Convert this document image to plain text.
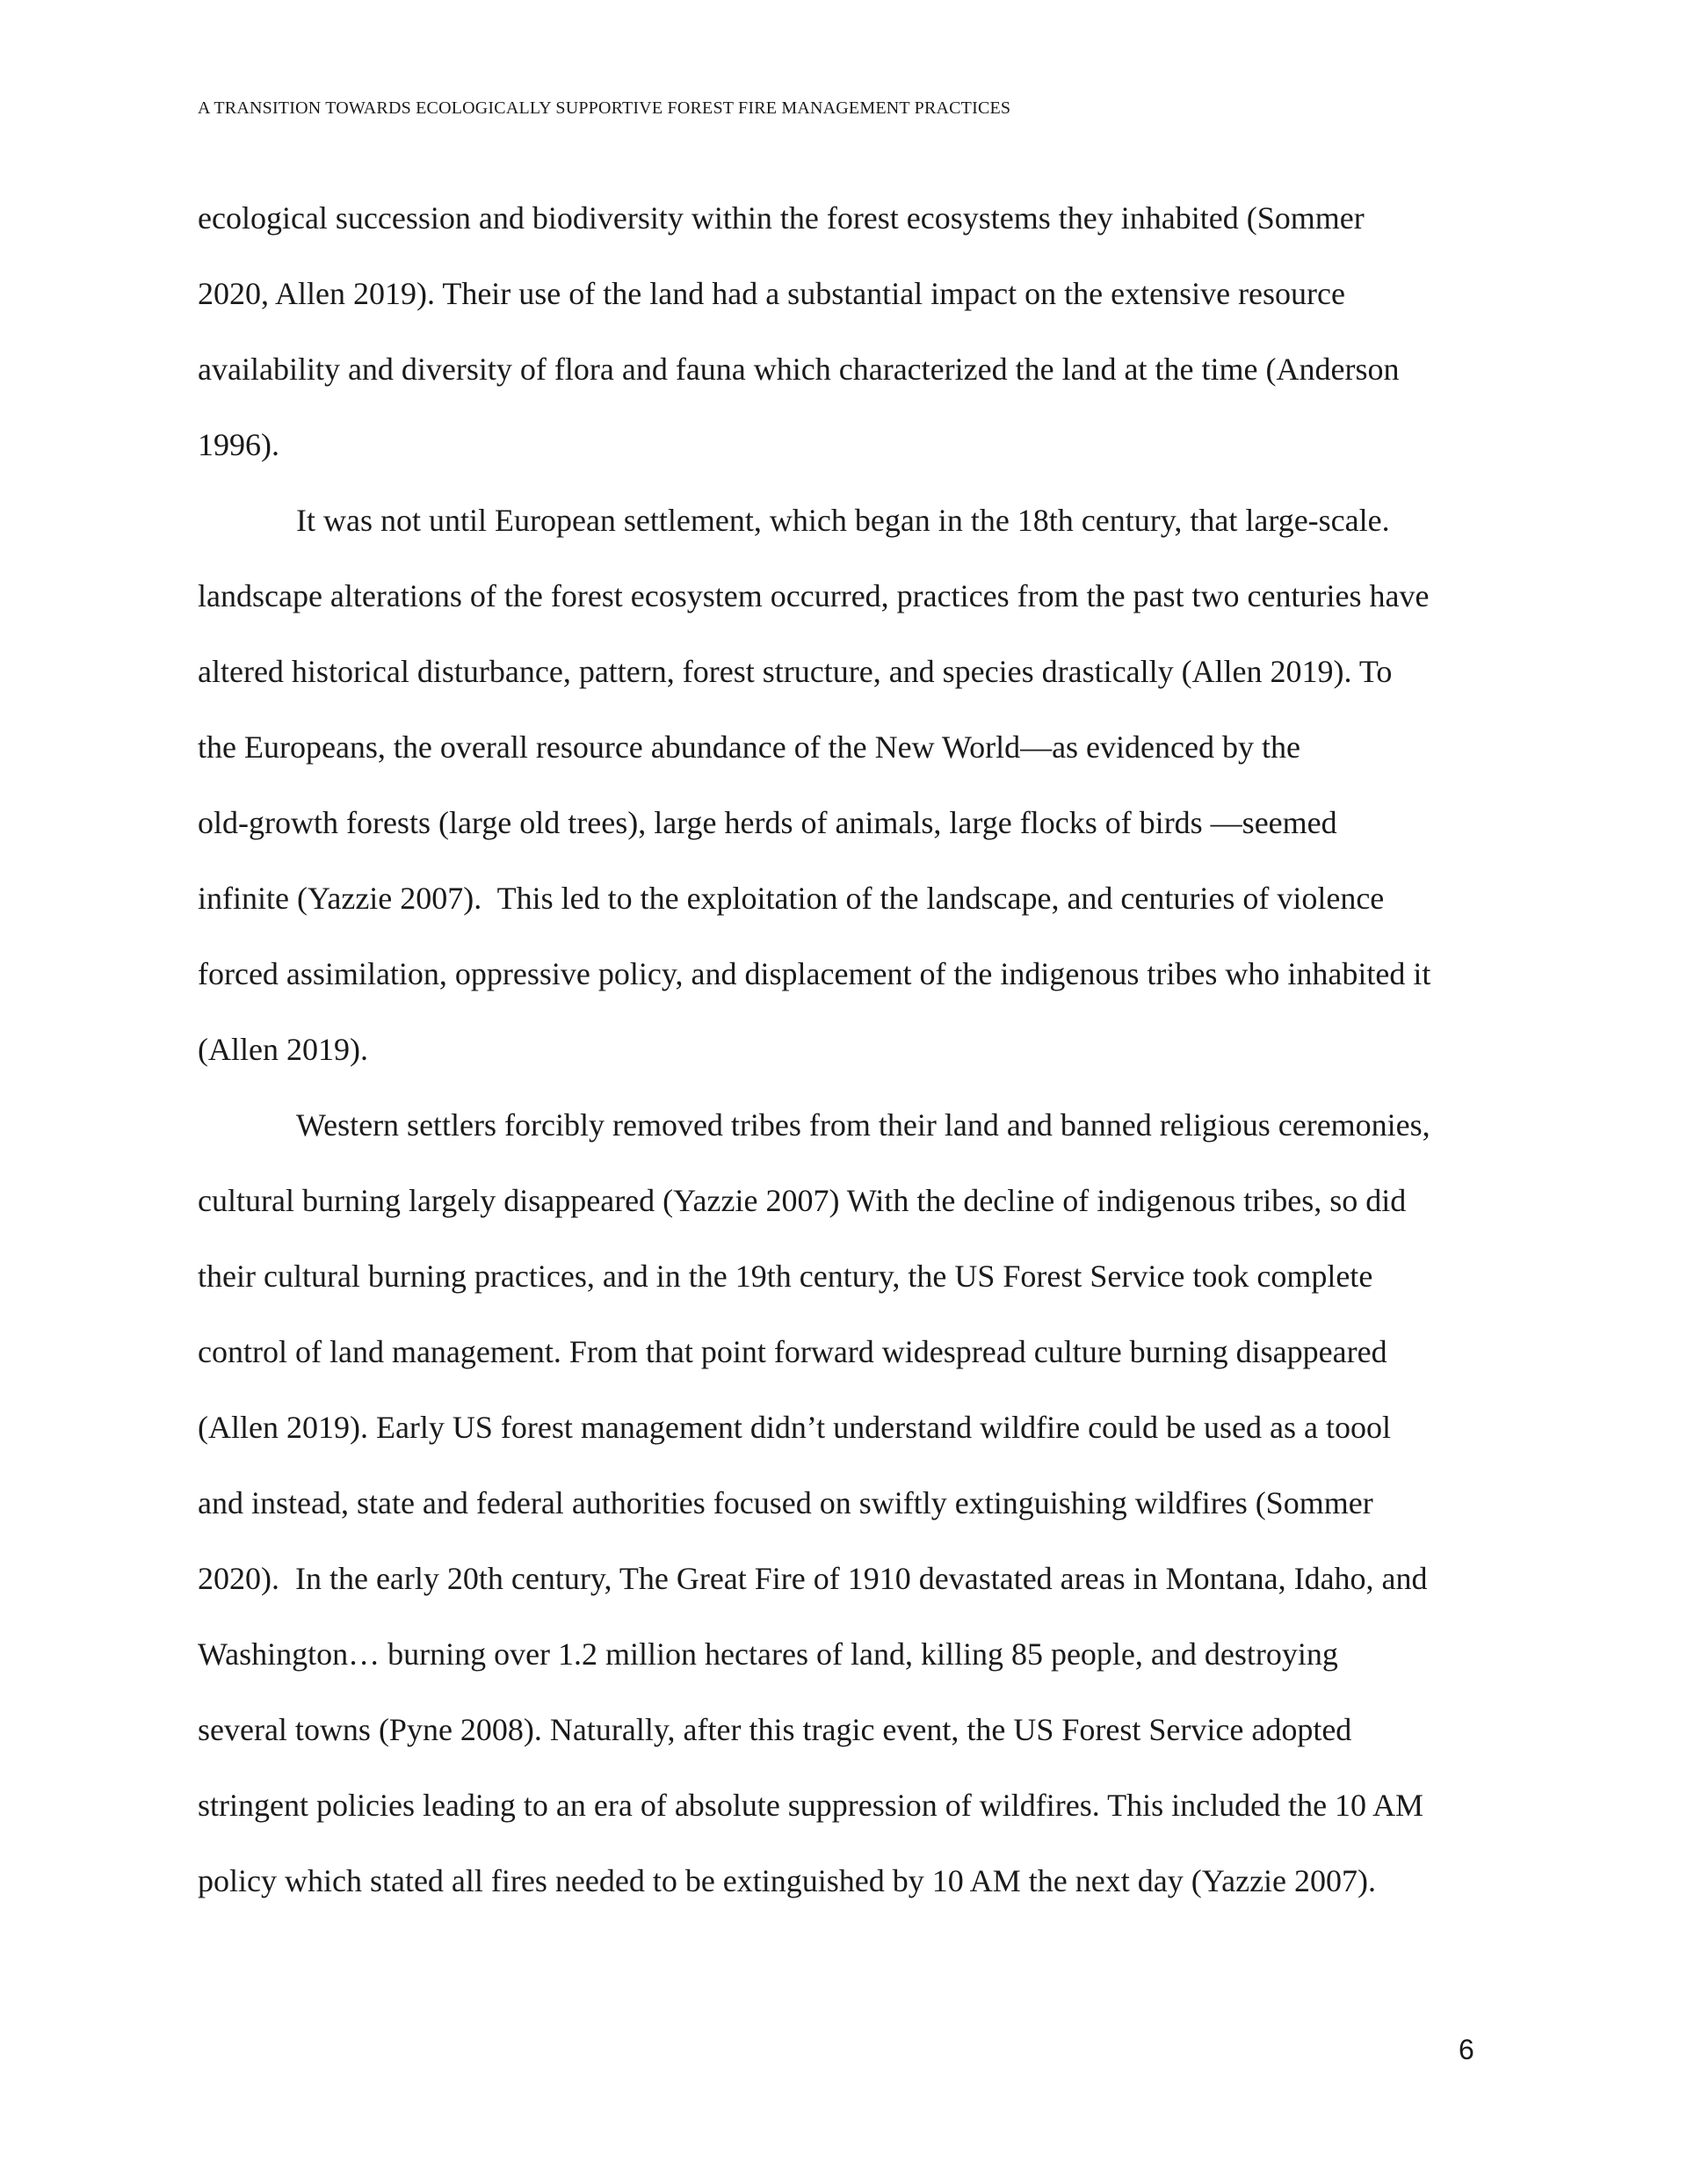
A TRANSITION TOWARDS ECOLOGICALLY SUPPORTIVE FOREST FIRE MANAGEMENT PRACTICES
ecological succession and biodiversity within the forest ecosystems they inhabited (Sommer
2020, Allen 2019). Their use of the land had a substantial impact on the extensive resource
availability and diversity of flora and fauna which characterized the land at the time (Anderson
1996).
It was not until European settlement, which began in the 18th century, that large-scale.
landscape alterations of the forest ecosystem occurred, practices from the past two centuries have
altered historical disturbance, pattern, forest structure, and species drastically (Allen 2019). To
the Europeans, the overall resource abundance of the New World—as evidenced by the
old-growth forests (large old trees), large herds of animals, large flocks of birds —seemed
infinite (Yazzie 2007).  This led to the exploitation of the landscape, and centuries of violence
forced assimilation, oppressive policy, and displacement of the indigenous tribes who inhabited it
(Allen 2019).
Western settlers forcibly removed tribes from their land and banned religious ceremonies,
cultural burning largely disappeared (Yazzie 2007) With the decline of indigenous tribes, so did
their cultural burning practices, and in the 19th century, the US Forest Service took complete
control of land management. From that point forward widespread culture burning disappeared
(Allen 2019). Early US forest management didn’t understand wildfire could be used as a toool
and instead, state and federal authorities focused on swiftly extinguishing wildfires (Sommer
2020).  In the early 20th century, The Great Fire of 1910 devastated areas in Montana, Idaho, and
Washington… burning over 1.2 million hectares of land, killing 85 people, and destroying
several towns (Pyne 2008). Naturally, after this tragic event, the US Forest Service adopted
stringent policies leading to an era of absolute suppression of wildfires. This included the 10 AM
policy which stated all fires needed to be extinguished by 10 AM the next day (Yazzie 2007).
6
